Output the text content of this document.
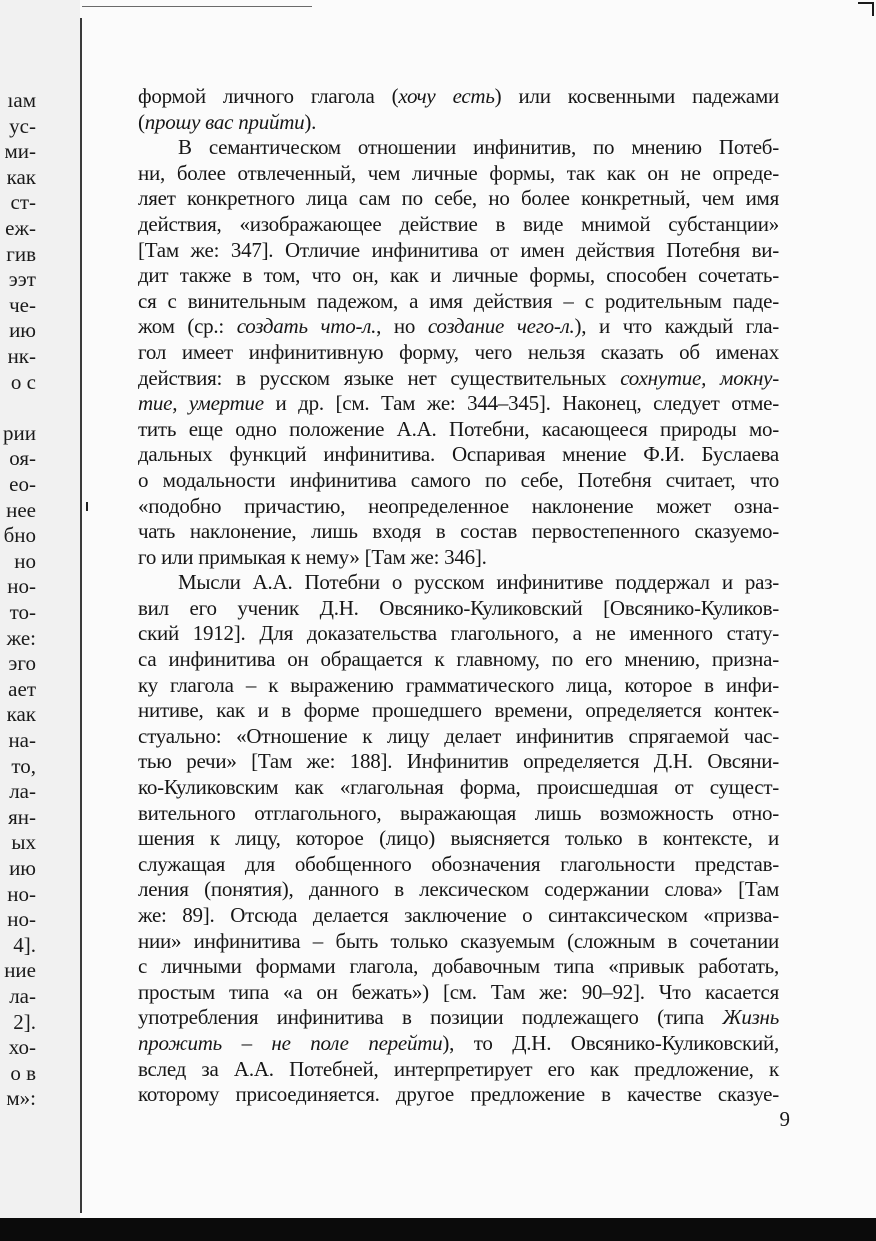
ıам
ус-
ми-
как
ст-
еж-
гив
ээт
че-
ию
нк-
о с
рии
оя-
ео-
нее
бно
но
но-
то-
же:
эго
ает
как
на-
то,
ла-
ян-
ых
ию
но-
но-
4].
ние
ла-
2].
хо-
о в
м»:
формой личного глагола (хочу есть) или косвенными падежами
(прошу вас прийти).
В семантическом отношении инфинитив, по мнению Потеб-
ни, более отвлеченный, чем личные формы, так как он не опреде-
ляет конкретного лица сам по себе, но более конкретный, чем имя
действия, «изображающее действие в виде мнимой субстанции»
[Там же: 347]. Отличие инфинитива от имен действия Потебня ви-
дит также в том, что он, как и личные формы, способен сочетать-
ся с винительным падежом, а имя действия – с родительным паде-
жом (ср.: создать что-л., но создание чего-л.), и что каждый гла-
гол имеет инфинитивную форму, чего нельзя сказать об именах
действия: в русском языке нет существительных сохнутие, мокну-
тие, умертие и др. [см. Там же: 344–345]. Наконец, следует отме-
тить еще одно положение А.А. Потебни, касающееся природы мо-
дальных функций инфинитива. Оспаривая мнение Ф.И. Буслаева
о модальности инфинитива самого по себе, Потебня считает, что
«подобно причастию, неопределенное наклонение может озна-
чать наклонение, лишь входя в состав первостепенного сказуемо-
го или примыкая к нему» [Там же: 346].
Мысли А.А. Потебни о русском инфинитиве поддержал и раз-
вил его ученик Д.Н. Овсянико-Куликовский [Овсянико-Куликов-
ский 1912]. Для доказательства глагольного, а не именного стату-
са инфинитива он обращается к главному, по его мнению, призна-
ку глагола – к выражению грамматического лица, которое в инфи-
нитиве, как и в форме прошедшего времени, определяется контек-
стуально: «Отношение к лицу делает инфинитив спрягаемой час-
тью речи» [Там же: 188]. Инфинитив определяется Д.Н. Овсяни-
ко-Куликовским как «глагольная форма, происшедшая от сущест-
вительного отглагольного, выражающая лишь возможность отно-
шения к лицу, которое (лицо) выясняется только в контексте, и
служащая для обобщенного обозначения глагольности представ-
ления (понятия), данного в лексическом содержании слова» [Там
же: 89]. Отсюда делается заключение о синтаксическом «призва-
нии» инфинитива – быть только сказуемым (сложным в сочетании
с личными формами глагола, добавочным типа «привык работать,
простым типа «а он бежать») [см. Там же: 90–92]. Что касается
употребления инфинитива в позиции подлежащего (типа Жизнь
прожить – не поле перейти), то Д.Н. Овсянико-Куликовский,
вслед за А.А. Потебней, интерпретирует его как предложение, к
которому присоединяется. другое предложение в качестве сказуе-
9
